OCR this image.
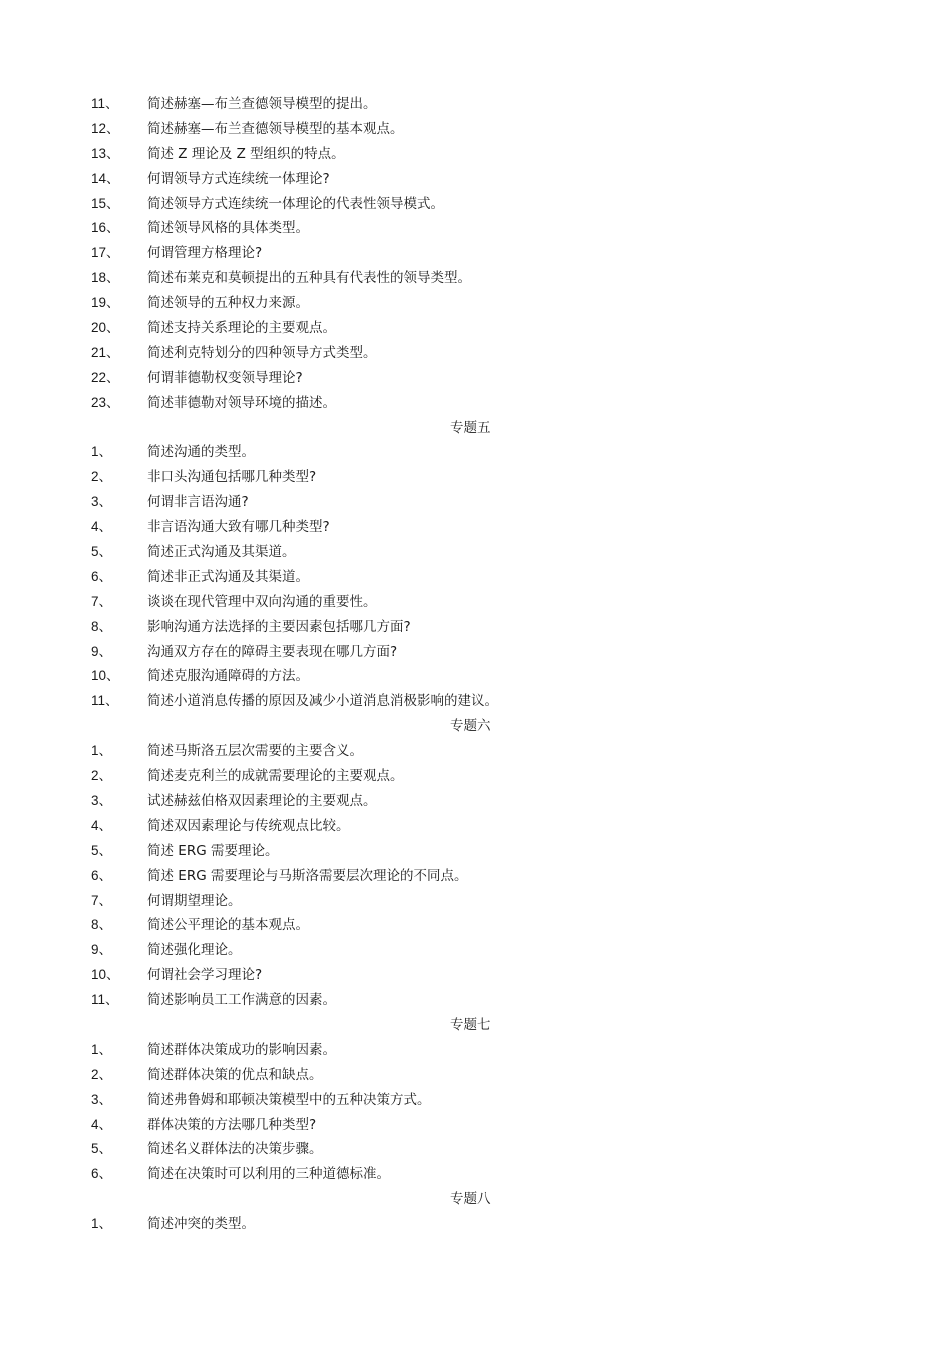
11、 简述赫塞—布兰查德领导模型的提出。
12、 简述赫塞—布兰查德领导模型的基本观点。
13、 简述 Z 理论及 Z 型组织的特点。
14、 何谓领导方式连续统一体理论?
15、 简述领导方式连续统一体理论的代表性领导模式。
16、 简述领导风格的具体类型。
17、 何谓管理方格理论?
18、 简述布莱克和莫顿提出的五种具有代表性的领导类型。
19、 简述领导的五种权力来源。
20、 简述支持关系理论的主要观点。
21、 简述利克特划分的四种领导方式类型。
22、 何谓菲德勒权变领导理论?
23、 简述菲德勒对领导环境的描述。
专题五
1、	简述沟通的类型。
2、	非口头沟通包括哪几种类型?
3、	何谓非言语沟通?
4、	非言语沟通大致有哪几种类型?
5、	简述正式沟通及其渠道。
6、	简述非正式沟通及其渠道。
7、	谈谈在现代管理中双向沟通的重要性。
8、	影响沟通方法选择的主要因素包括哪几方面?
9、	沟通双方存在的障碍主要表现在哪几方面?
10、 简述克服沟通障碍的方法。
11、 简述小道消息传播的原因及减少小道消息消极影响的建议。
专题六
1、	简述马斯洛五层次需要的主要含义。
2、	简述麦克利兰的成就需要理论的主要观点。
3、	试述赫兹伯格双因素理论的主要观点。
4、	简述双因素理论与传统观点比较。
5、	简述 ERG 需要理论。
6、	简述 ERG 需要理论与马斯洛需要层次理论的不同点。
7、	何谓期望理论。
8、	简述公平理论的基本观点。
9、	简述强化理论。
10、 何谓社会学习理论?
11、 简述影响员工工作满意的因素。
专题七
1、	简述群体决策成功的影响因素。
2、	简述群体决策的优点和缺点。
3、	简述弗鲁姆和耶顿决策模型中的五种决策方式。
4、	群体决策的方法哪几种类型?
5、	简述名义群体法的决策步骤。
6、	简述在决策时可以利用的三种道德标准。
专题八
1、	简述冲突的类型。
